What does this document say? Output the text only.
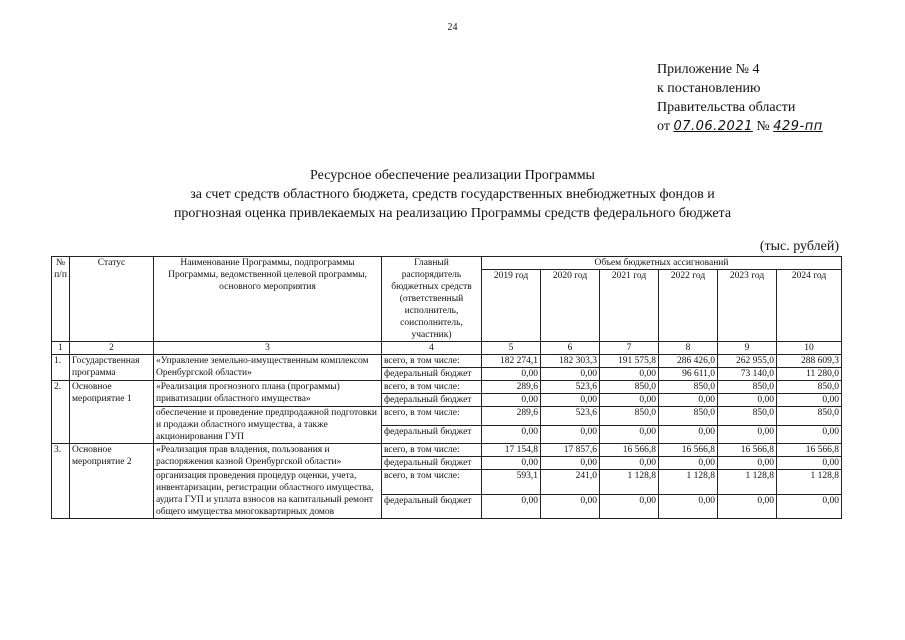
24
Приложение № 4
к постановлению
Правительства области
от 07.06.2021 № 429-пп
Ресурсное обеспечение реализации Программы
за счет средств областного бюджета, средств государственных внебюджетных фондов и
прогнозная оценка привлекаемых на реализацию Программы средств федерального бюджета
(тыс. рублей)
№ п/п	Статус	Наименование Программы, подпрограммы Программы, ведомственной целевой программы, основного мероприятия	Главный распорядитель бюджетных средств (ответственный исполнитель, соисполнитель, участник)	Объем бюджетных ассигнований					
				2019 год	2020 год	2021 год	2022 год	2023 год	2024 год
1	2	3	4	5	6	7	8	9	10
1.	Государственная программа	«Управление земельно-имущественным комплексом Оренбургской области»	всего, в том числе:	182 274,1	182 303,3	191 575,8	286 426,0	262 955,0	288 609,3
			федеральный бюджет	0,00	0,00	0,00	96 611,0	73 140,0	11 280,0
2.	Основное мероприятие 1	«Реализация прогнозного плана (программы) приватизации областного имущества»	всего, в том числе:	289,6	523,6	850,0	850,0	850,0	850,0
			федеральный бюджет	0,00	0,00	0,00	0,00	0,00	0,00
		обеспечение и проведение предпродажной подготовки и продажи областного имущества, а также акционирования ГУП	всего, в том числе:	289,6	523,6	850,0	850,0	850,0	850,0
			федеральный бюджет	0,00	0,00	0,00	0,00	0,00	0,00
3.	Основное мероприятие 2	«Реализация прав владения, пользования и распоряжения казной Оренбургской области»	всего, в том числе:	17 154,8	17 857,6	16 566,8	16 566,8	16 566,8	16 566,8
			федеральный бюджет	0,00	0,00	0,00	0,00	0,00	0,00
		организация проведения процедур оценки, учета, инвентаризации, регистрации областного имущества, аудита ГУП и уплата взносов на капитальный ремонт общего имущества многоквартирных домов	всего, в том числе:	593,1	241,0	1 128,8	1 128,8	1 128,8	1 128,8
			федеральный бюджет	0,00	0,00	0,00	0,00	0,00	0,00
